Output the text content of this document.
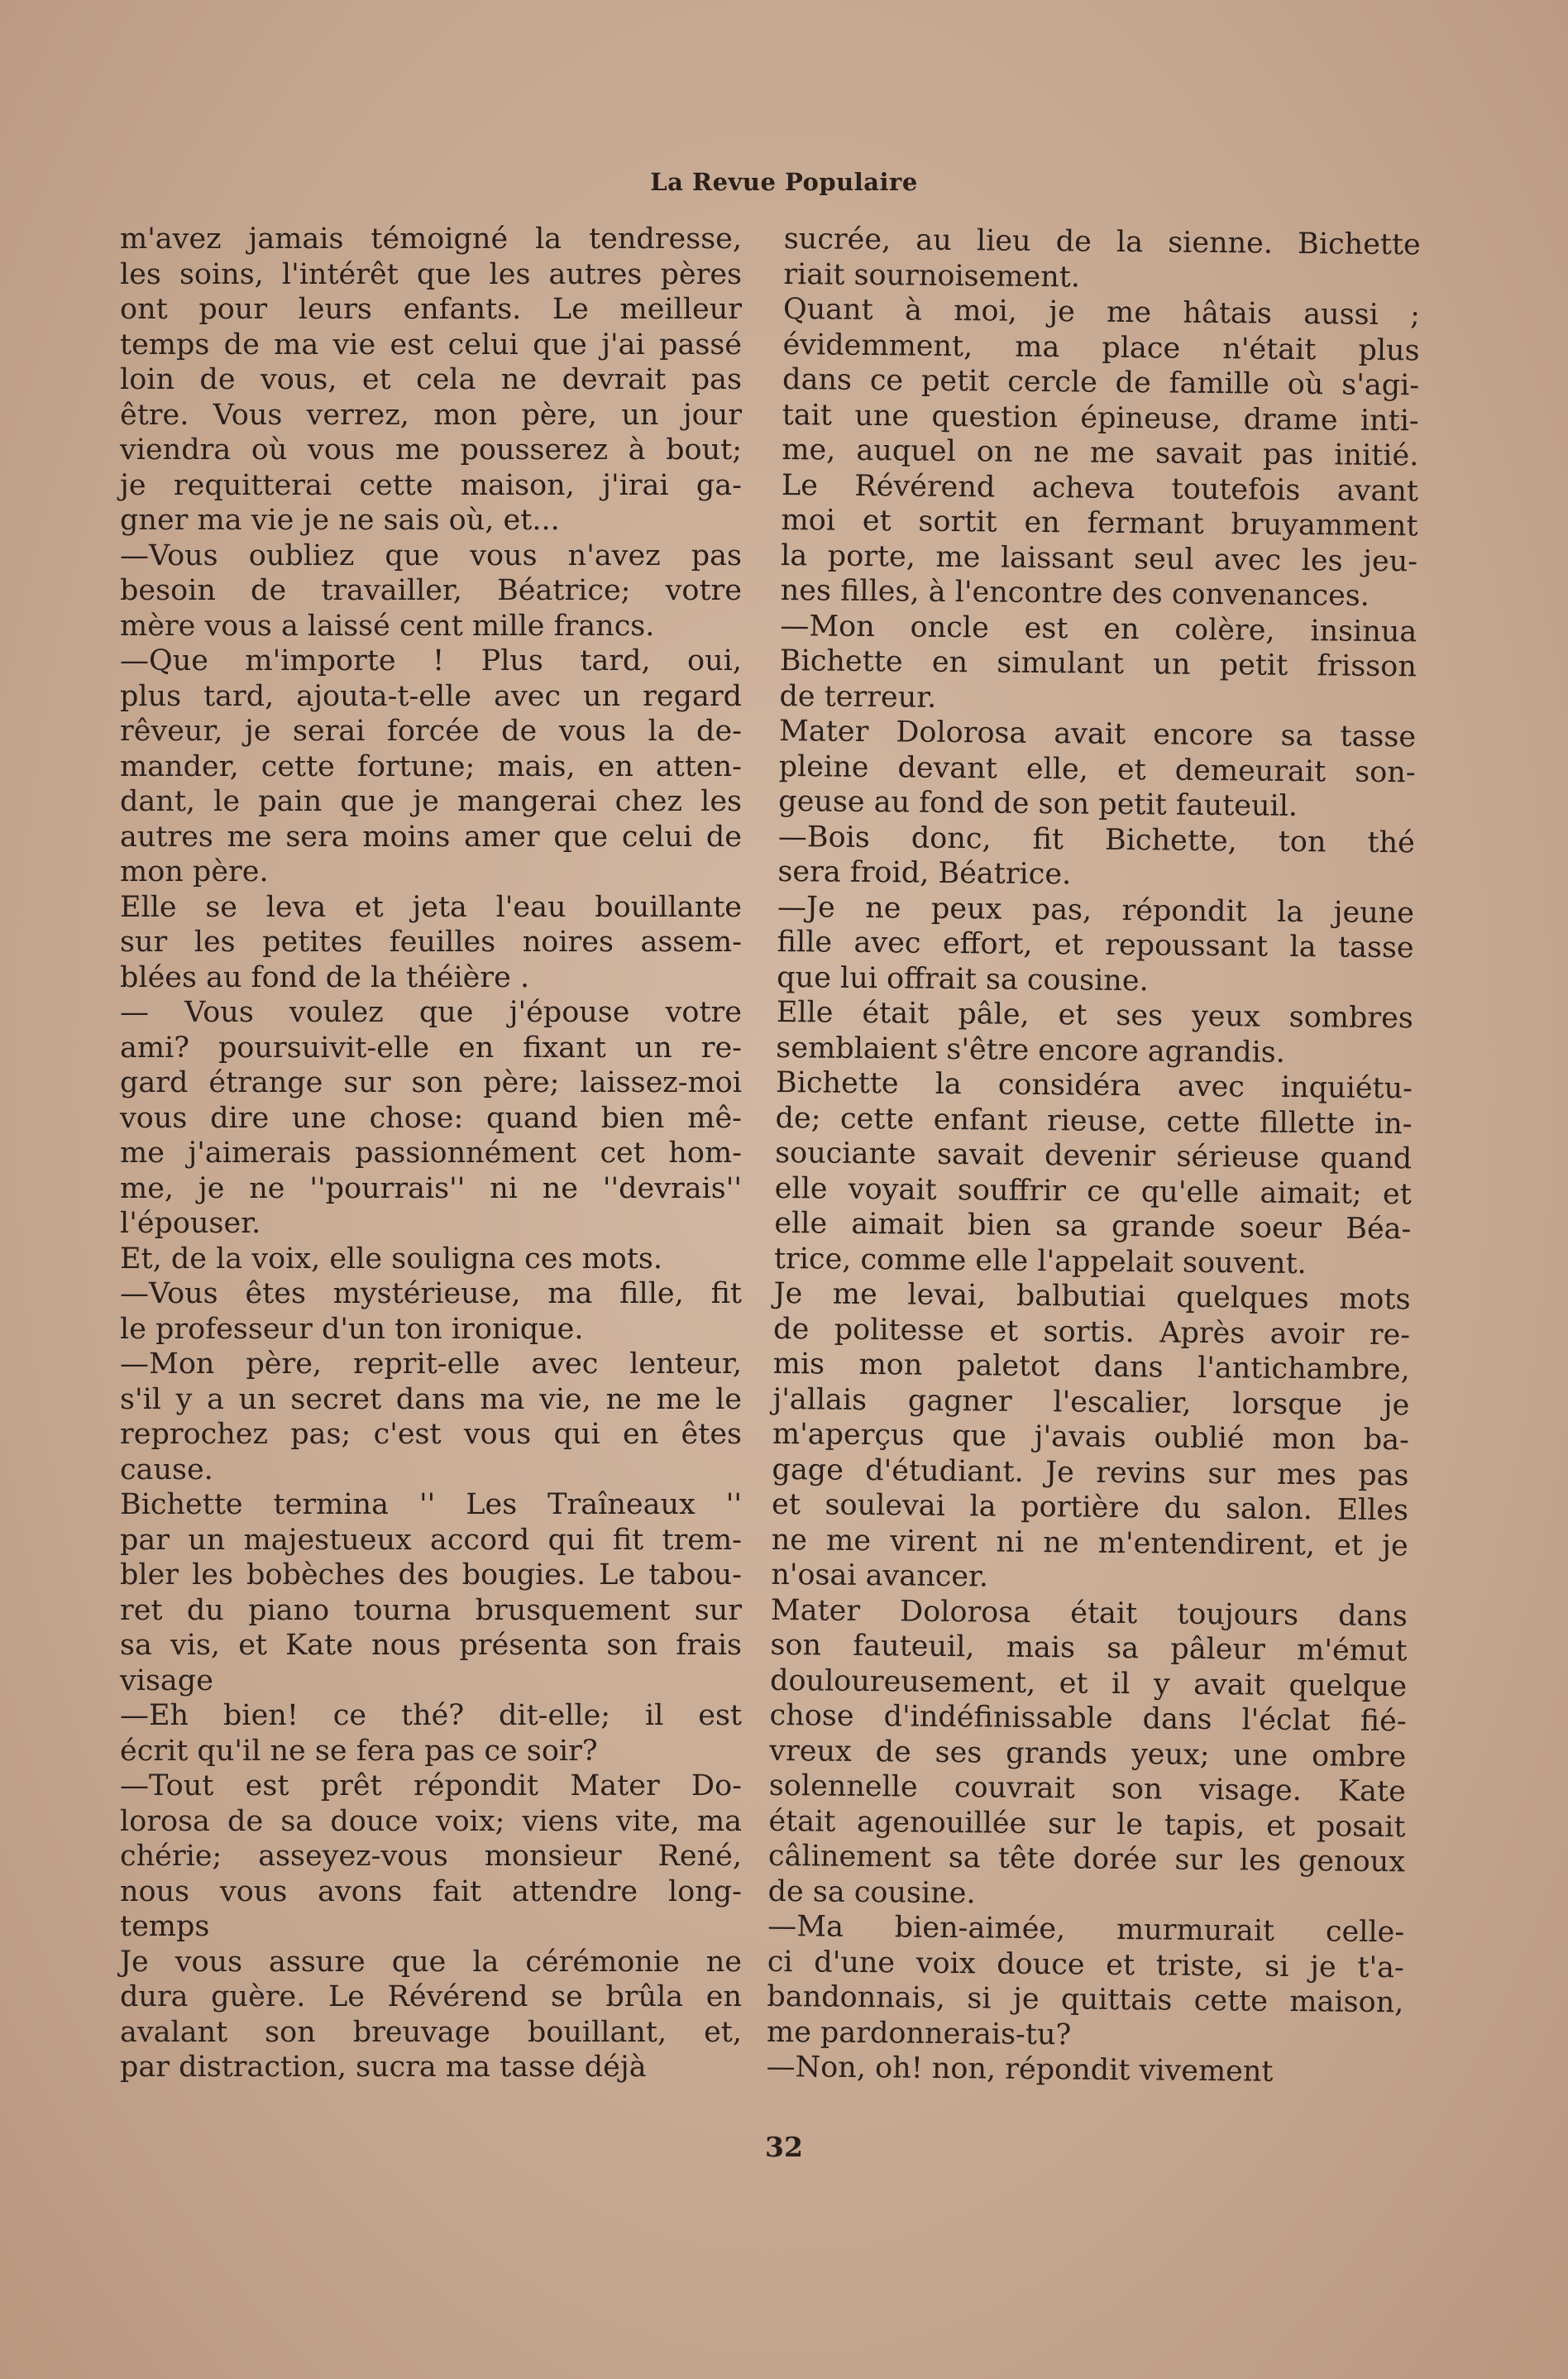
La Revue Populaire
m'avez jamais témoigné la tendresse,
les soins, l'intérêt que les autres pères
ont pour leurs enfants. Le meilleur
temps de ma vie est celui que j'ai passé
loin de vous, et cela ne devrait pas
être. Vous verrez, mon père, un jour
viendra où vous me pousserez à bout;
je requitterai cette maison, j'irai ga-
gner ma vie je ne sais où, et...
—Vous oubliez que vous n'avez pas
besoin de travailler, Béatrice; votre
mère vous a laissé cent mille francs.
—Que m'importe ! Plus tard, oui,
plus tard, ajouta-t-elle avec un regard
rêveur, je serai forcée de vous la de-
mander, cette fortune; mais, en atten-
dant, le pain que je mangerai chez les
autres me sera moins amer que celui de
mon père.
Elle se leva et jeta l'eau bouillante
sur les petites feuilles noires assem-
blées au fond de la théière .
— Vous voulez que j'épouse votre
ami? poursuivit-elle en fixant un re-
gard étrange sur son père; laissez-moi
vous dire une chose: quand bien mê-
me j'aimerais passionnément cet hom-
me, je ne ''pourrais'' ni ne ''devrais''
l'épouser.
Et, de la voix, elle souligna ces mots.
—Vous êtes mystérieuse, ma fille, fit
le professeur d'un ton ironique.
—Mon père, reprit-elle avec lenteur,
s'il y a un secret dans ma vie, ne me le
reprochez pas; c'est vous qui en êtes
cause.
Bichette termina '' Les Traîneaux ''
par un majestueux accord qui fit trem-
bler les bobèches des bougies. Le tabou-
ret du piano tourna brusquement sur
sa vis, et Kate nous présenta son frais
visage
—Eh bien! ce thé? dit-elle; il est
écrit qu'il ne se fera pas ce soir?
—Tout est prêt répondit Mater Do-
lorosa de sa douce voix; viens vite, ma
chérie; asseyez-vous monsieur René,
nous vous avons fait attendre long-
temps
Je vous assure que la cérémonie ne
dura guère. Le Révérend se brûla en
avalant son breuvage bouillant, et,
par distraction, sucra ma tasse déjà
sucrée, au lieu de la sienne. Bichette
riait sournoisement.
Quant à moi, je me hâtais aussi ;
évidemment, ma place n'était plus
dans ce petit cercle de famille où s'agi-
tait une question épineuse, drame inti-
me, auquel on ne me savait pas initié.
Le Révérend acheva toutefois avant
moi et sortit en fermant bruyamment
la porte, me laissant seul avec les jeu-
nes filles, à l'encontre des convenances.
—Mon oncle est en colère, insinua
Bichette en simulant un petit frisson
de terreur.
Mater Dolorosa avait encore sa tasse
pleine devant elle, et demeurait son-
geuse au fond de son petit fauteuil.
—Bois donc, fit Bichette, ton thé
sera froid, Béatrice.
—Je ne peux pas, répondit la jeune
fille avec effort, et repoussant la tasse
que lui offrait sa cousine.
Elle était pâle, et ses yeux sombres
semblaient s'être encore agrandis.
Bichette la considéra avec inquiétu-
de; cette enfant rieuse, cette fillette in-
souciante savait devenir sérieuse quand
elle voyait souffrir ce qu'elle aimait; et
elle aimait bien sa grande soeur Béa-
trice, comme elle l'appelait souvent.
Je me levai, balbutiai quelques mots
de politesse et sortis. Après avoir re-
mis mon paletot dans l'antichambre,
j'allais gagner l'escalier, lorsque je
m'aperçus que j'avais oublié mon ba-
gage d'étudiant. Je revins sur mes pas
et soulevai la portière du salon. Elles
ne me virent ni ne m'entendirent, et je
n'osai avancer.
Mater Dolorosa était toujours dans
son fauteuil, mais sa pâleur m'émut
douloureusement, et il y avait quelque
chose d'indéfinissable dans l'éclat fié-
vreux de ses grands yeux; une ombre
solennelle couvrait son visage. Kate
était agenouillée sur le tapis, et posait
câlinement sa tête dorée sur les genoux
de sa cousine.
—Ma bien-aimée, murmurait celle-
ci d'une voix douce et triste, si je t'a-
bandonnais, si je quittais cette maison,
me pardonnerais-tu?
—Non, oh! non, répondit vivement
32
